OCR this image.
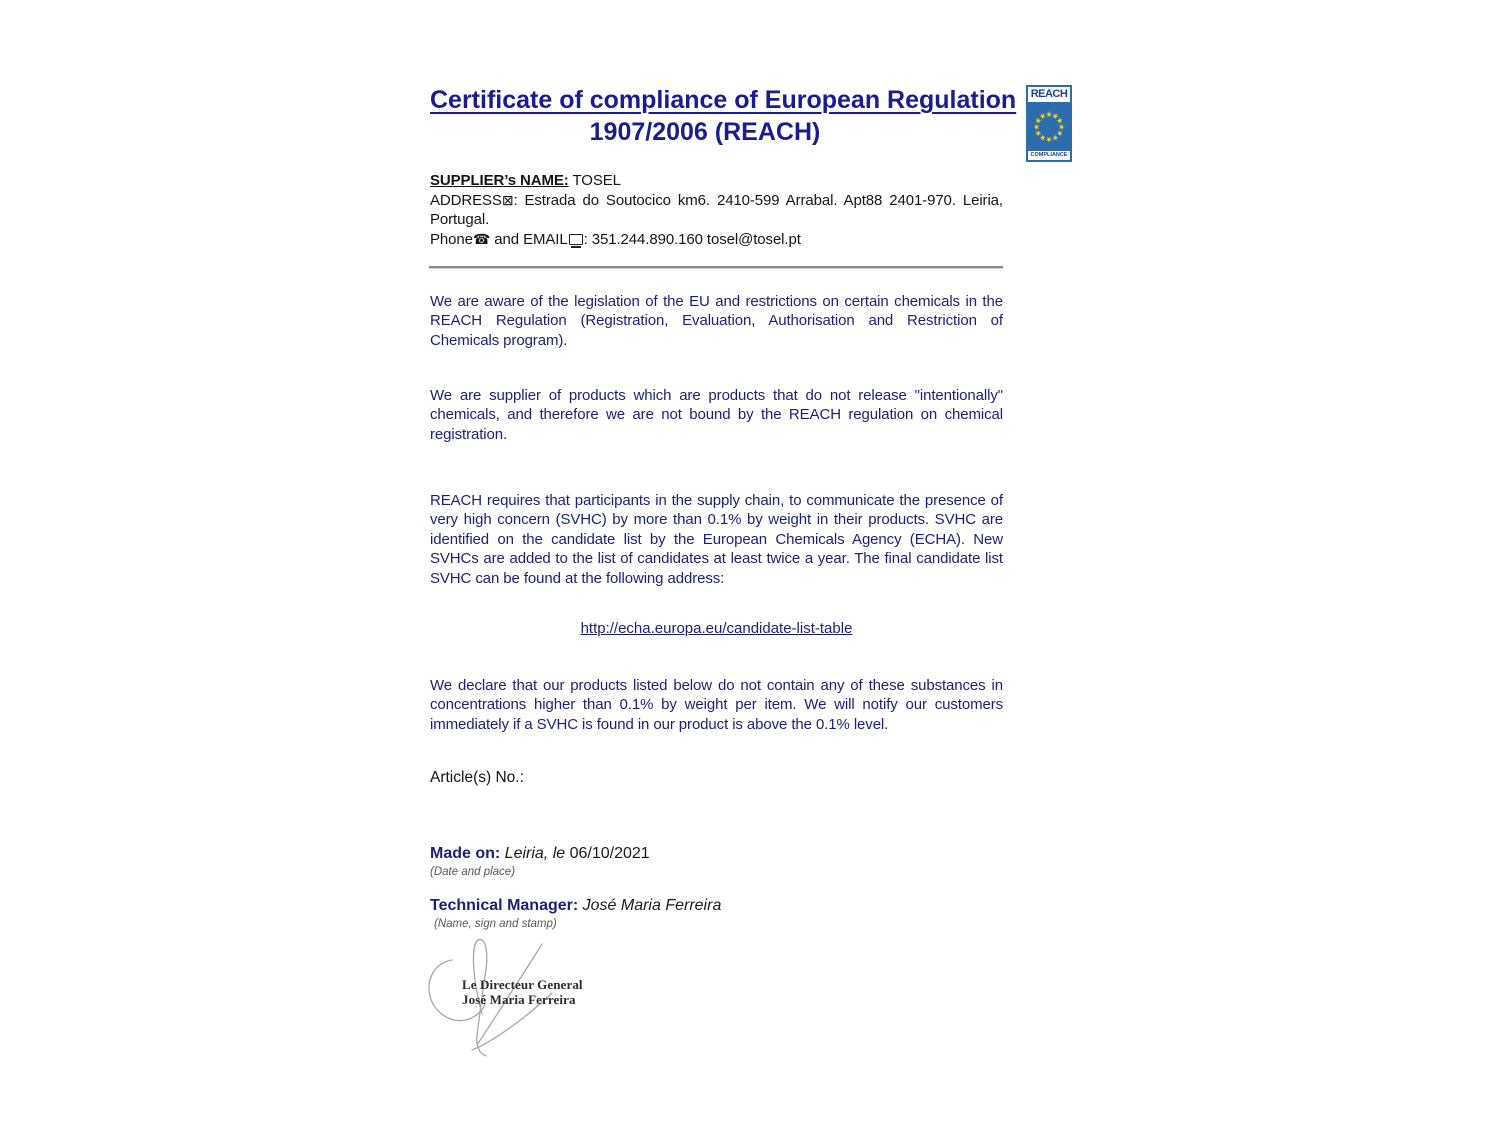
Certificate of compliance of European Regulation
1907/2006 (REACH)
REACH
COMPLIANCE
SUPPLIER’s NAME: TOSEL
ADDRESS⊠: Estrada do Soutocico km6. 2410-599 Arrabal. Apt88 2401-970. Leiria, Portugal.
Phone☎ and EMAIL : 351.244.890.160 tosel@tosel.pt
We are aware of the legislation of the EU and restrictions on certain chemicals in the REACH Regulation (Registration, Evaluation, Authorisation and Restriction of Chemicals program).
We are supplier of products which are products that do not release "intentionally" chemicals, and therefore we are not bound by the REACH regulation on chemical registration.
REACH requires that participants in the supply chain, to communicate the presence of very high concern (SVHC) by more than 0.1% by weight in their products. SVHC are identified on the candidate list by the European Chemicals Agency (ECHA). New SVHCs are added to the list of candidates at least twice a year. The final candidate list SVHC can be found at the following address:
http://echa.europa.eu/candidate-list-table
We declare that our products listed below do not contain any of these substances in concentrations higher than 0.1% by weight per item. We will notify our customers immediately if a SVHC is found in our product is above the 0.1% level.
Article(s) No.:
Made on: Leiria, le 06/10/2021
(Date and place)
Technical Manager: José Maria Ferreira
(Name, sign and stamp)
Le Directeur General
José Maria Ferreira
